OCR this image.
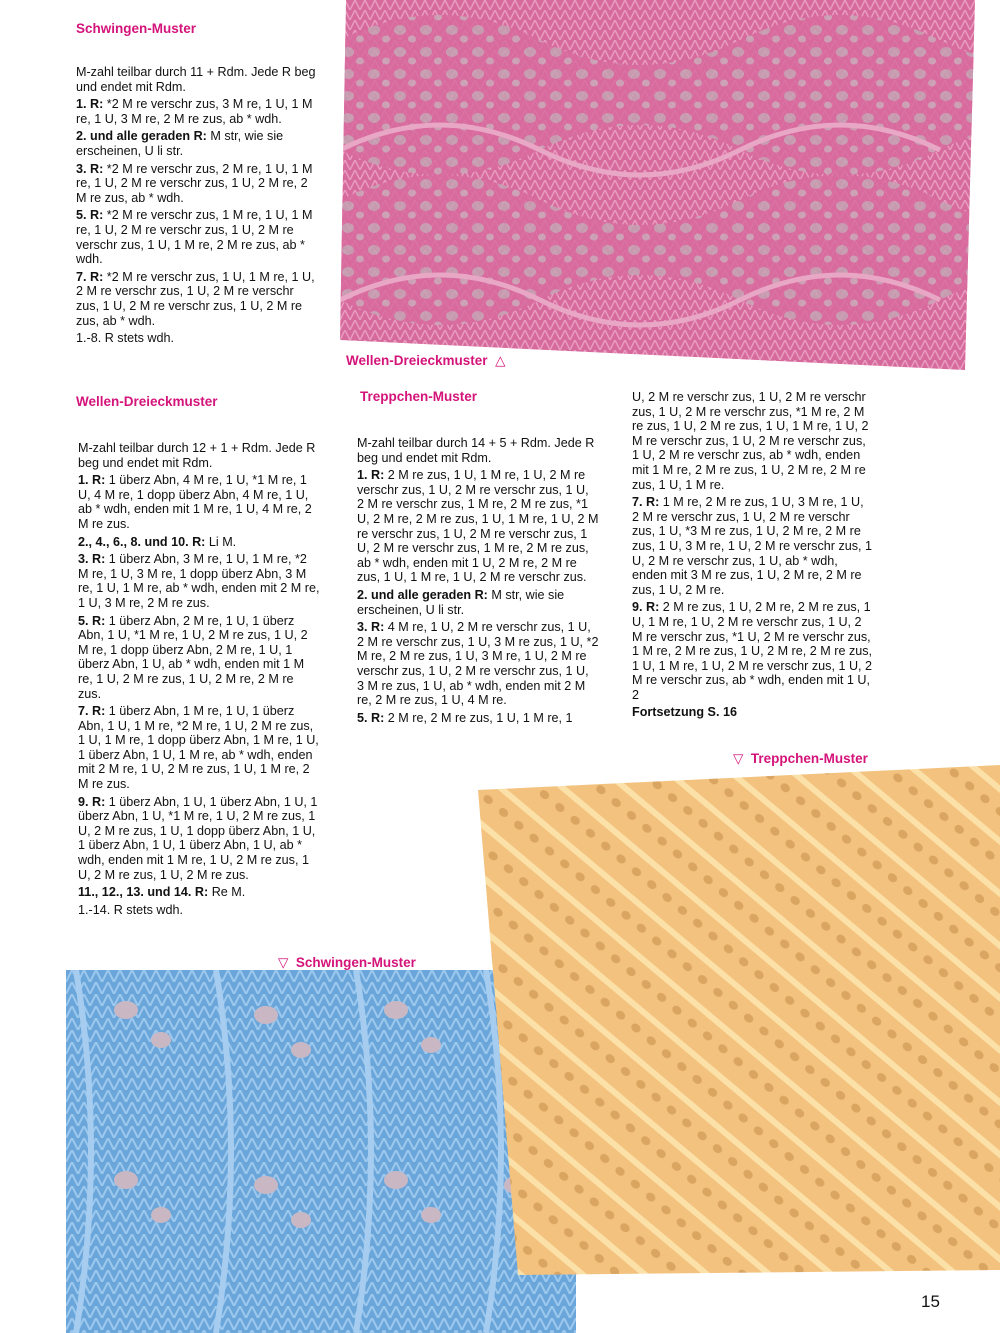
Schwingen-Muster

M-zahl teilbar durch 11 + Rdm. Jede R beg und endet mit Rdm.

1. R: *2 M re verschr zus, 3 M re, 1 U, 1 M re, 1 U, 3 M re, 2 M re zus, ab * wdh.

2. und alle geraden R: M str, wie sie erscheinen, U li str.

3. R: *2 M re verschr zus, 2 M re, 1 U, 1 M re, 1 U, 2 M re verschr zus, 1 U, 2 M re, 2 M re zus, ab * wdh.

5. R: *2 M re verschr zus, 1 M re, 1 U, 1 M re, 1 U, 2 M re verschr zus, 1 U, 2 M re verschr zus, 1 U, 1 M re, 2 M re zus, ab * wdh.

7. R: *2 M re verschr zus, 1 U, 1 M re, 1 U, 2 M re verschr zus, 1 U, 2 M re verschr zus, 1 U, 2 M re verschr zus, 1 U, 2 M re zus, ab * wdh.

1.-8. R stets wdh.

Wellen-Dreieckmuster △
Wellen-Dreieckmuster

M-zahl teilbar durch 12 + 1 + Rdm. Jede R beg und endet mit Rdm.

1. R: 1 überz Abn, 4 M re, 1 U, *1 M re, 1 U, 4 M re, 1 dopp überz Abn, 4 M re, 1 U, ab * wdh, enden mit 1 M re, 1 U, 4 M re, 2 M re zus.

2., 4., 6., 8. und 10. R: Li M.

3. R: 1 überz Abn, 3 M re, 1 U, 1 M re, *2 M re, 1 U, 3 M re, 1 dopp überz Abn, 3 M re, 1 U, 1 M re, ab * wdh, enden mit 2 M re, 1 U, 3 M re, 2 M re zus.

5. R: 1 überz Abn, 2 M re, 1 U, 1 überz Abn, 1 U, *1 M re, 1 U, 2 M re zus, 1 U, 2 M re, 1 dopp überz Abn, 2 M re, 1 U, 1 überz Abn, 1 U, ab * wdh, enden mit 1 M re, 1 U, 2 M re zus, 1 U, 2 M re, 2 M re zus.

7. R: 1 überz Abn, 1 M re, 1 U, 1 überz Abn, 1 U, 1 M re, *2 M re, 1 U, 2 M re zus, 1 U, 1 M re, 1 dopp überz Abn, 1 M re, 1 U, 1 überz Abn, 1 U, 1 M re, ab * wdh, enden mit 2 M re, 1 U, 2 M re zus, 1 U, 1 M re, 2 M re zus.

9. R: 1 überz Abn, 1 U, 1 überz Abn, 1 U, 1 überz Abn, 1 U, *1 M re, 1 U, 2 M re zus, 1 U, 2 M re zus, 1 U, 1 dopp überz Abn, 1 U, 1 überz Abn, 1 U, 1 überz Abn, 1 U, ab * wdh, enden mit 1 M re, 1 U, 2 M re zus, 1 U, 2 M re zus, 1 U, 2 M re zus.

11., 12., 13. und 14. R: Re M.

1.-14. R stets wdh.

▽ Schwingen-Muster
Treppchen-Muster

M-zahl teilbar durch 14 + 5 + Rdm. Jede R beg und endet mit Rdm.

1. R: 2 M re zus, 1 U, 1 M re, 1 U, 2 M re verschr zus, 1 U, 2 M re verschr zus, 1 U, 2 M re verschr zus, 1 M re, 2 M re zus, *1 U, 2 M re, 2 M re zus, 1 U, 1 M re, 1 U, 2 M re verschr zus, 1 U, 2 M re verschr zus, 1 U, 2 M re verschr zus, 1 M re, 2 M re zus, ab * wdh, enden mit 1 U, 2 M re, 2 M re zus, 1 U, 1 M re, 1 U, 2 M re verschr zus.

2. und alle geraden R: M str, wie sie erscheinen, U li str.

3. R: 4 M re, 1 U, 2 M re verschr zus, 1 U, 2 M re verschr zus, 1 U, 3 M re zus, 1 U, *2 M re, 2 M re zus, 1 U, 3 M re, 1 U, 2 M re verschr zus, 1 U, 2 M re verschr zus, 1 U, 3 M re zus, 1 U, ab * wdh, enden mit 2 M re, 2 M re zus, 1 U, 4 M re.

5. R: 2 M re, 2 M re zus, 1 U, 1 M re, 1

U, 2 M re verschr zus, 1 U, 2 M re verschr zus, 1 U, 2 M re verschr zus, *1 M re, 2 M re zus, 1 U, 2 M re zus, 1 U, 1 M re, 1 U, 2 M re verschr zus, 1 U, 2 M re verschr zus, 1 U, 2 M re verschr zus, ab * wdh, enden mit 1 M re, 2 M re zus, 1 U, 2 M re, 2 M re zus, 1 U, 1 M re.

7. R: 1 M re, 2 M re zus, 1 U, 3 M re, 1 U, 2 M re verschr zus, 1 U, 2 M re verschr zus, 1 U, *3 M re zus, 1 U, 2 M re, 2 M re zus, 1 U, 3 M re, 1 U, 2 M re verschr zus, 1 U, 2 M re verschr zus, 1 U, ab * wdh, enden mit 3 M re zus, 1 U, 2 M re, 2 M re zus, 1 U, 2 M re.

9. R: 2 M re zus, 1 U, 2 M re, 2 M re zus, 1 U, 1 M re, 1 U, 2 M re verschr zus, 1 U, 2 M re verschr zus, *1 U, 2 M re verschr zus, 1 M re, 2 M re zus, 1 U, 2 M re, 2 M re zus, 1 U, 1 M re, 1 U, 2 M re verschr zus, 1 U, 2 M re verschr zus, ab * wdh, enden mit 1 U, 2

Fortsetzung S. 16

▽ Treppchen-Muster
15
